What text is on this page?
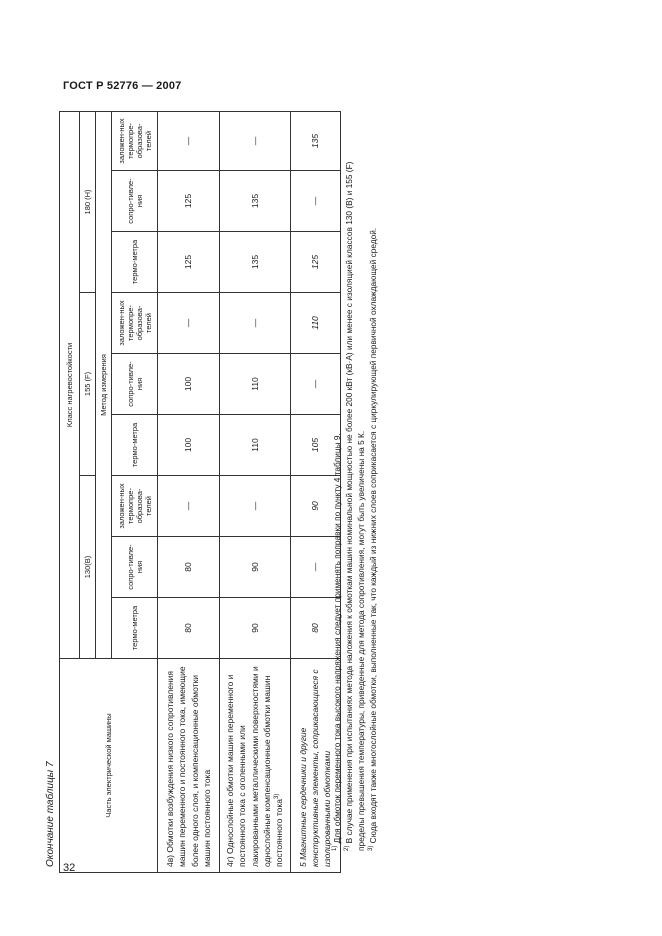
ГОСТ Р 52776 — 2007
Окончание таблицы 7	Часть электрической машины	Класс нагревостойкости								
	130(В)			155 (F)			180 (Н)		
	Метод измерения								
	термо-метра	сопро-тивле-ния	заложен-ных термопре-образова-телей	термо-метра	сопро-тивле-ния	заложен-ных термопре-образова-телей	термо-метра	сопро-тивле-ния	заложен-ных термопре-образова-телей
4в) Обмотки возбуждения низкого сопротивления машин переменного и постоянного тока, имеющие более одного слоя, и компенсационные обмотки машин постоянного тока	80	80	—	100	100	—	125	125	—
4г) Однослойные обмотки машин переменного и постоянного тока с оголенными или лакированными металлическими поверхностями и однослойные компенсационные обмотки машин постоянного тока$^{3)}$	90	90	—	110	110	—	135	135	—
5 Магнитные сердечники и другие конструктивные элементы, соприкасающиеся с изолированными обмотками	80	—	90	105	—	110	125	—	135

$^{1)}$ Для обмоток переменного тока высокого напряжения следует применять поправки по пункту 4 таблицы 9.

$^{2)}$ В случае применения при испытаниях метода наложения к обмоткам машин номинальной мощностью не более 200 кВт (кВ·А) или менее с изоляцией классов 130 (B) и 155 (F) пределы превышения температуры, приведенные для метода сопротивления, могут быть увеличены на 5 К. $^{3)}$ Сюда входят также многослойные обмотки, выполненные так, что каждый из нижних слоев соприкасается с циркулирующей первичной охлаждающей средой.

32
